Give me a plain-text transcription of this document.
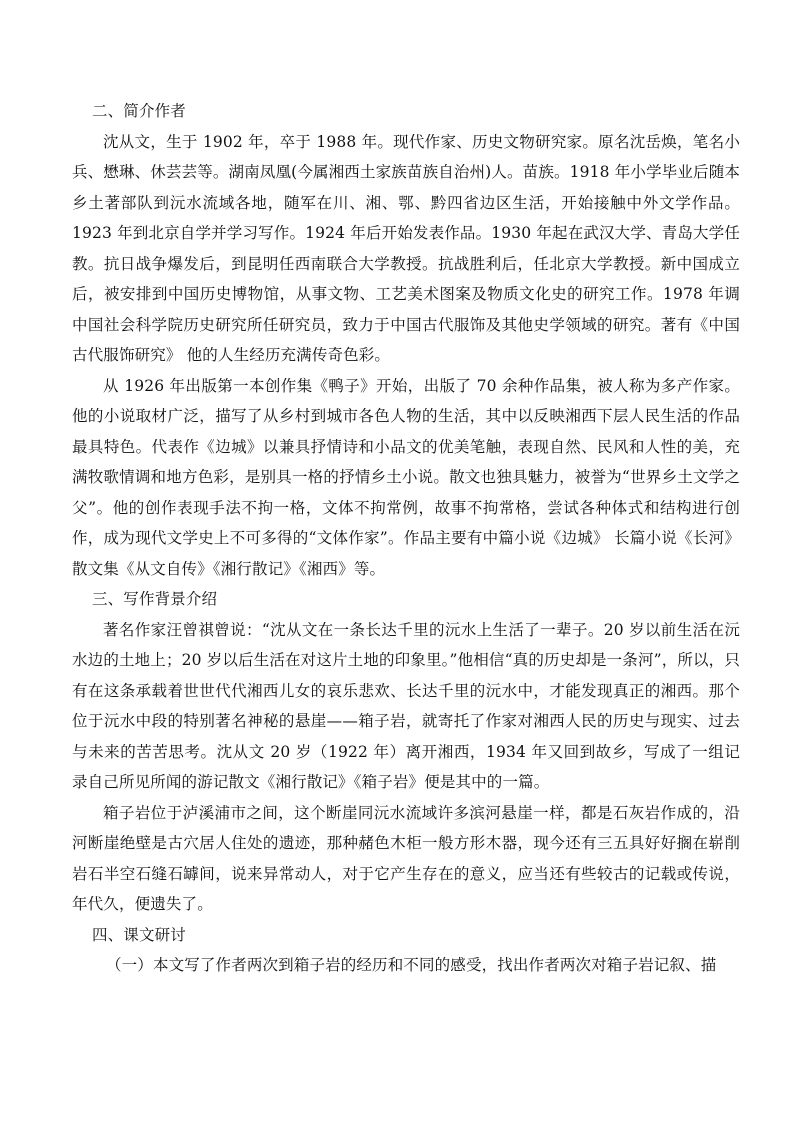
二、简介作者

沈从文，生于 1902 年，卒于 1988 年。现代作家、历史文物研究家。原名沈岳焕，笔名小兵、懋琳、休芸芸等。湖南凤凰(今属湘西土家族苗族自治州)人。苗族。1918 年小学毕业后随本乡土著部队到沅水流域各地，随军在川、湘、鄂、黔四省边区生活，开始接触中外文学作品。1923 年到北京自学并学习写作。1924 年后开始发表作品。1930 年起在武汉大学、青岛大学任教。抗日战争爆发后，到昆明任西南联合大学教授。抗战胜利后，任北京大学教授。新中国成立后，被安排到中国历史博物馆，从事文物、工艺美术图案及物质文化史的研究工作。1978 年调中国社会科学院历史研究所任研究员，致力于中国古代服饰及其他史学领域的研究。著有《中国古代服饰研究》 他的人生经历充满传奇色彩。

从 1926 年出版第一本创作集《鸭子》开始，出版了 70 余种作品集，被人称为多产作家。他的小说取材广泛，描写了从乡村到城市各色人物的生活，其中以反映湘西下层人民生活的作品最具特色。代表作《边城》以兼具抒情诗和小品文的优美笔触，表现自然、民风和人性的美，充满牧歌情调和地方色彩，是别具一格的抒情乡土小说。散文也独具魅力，被誉为“世界乡土文学之父”。他的创作表现手法不拘一格，文体不拘常例，故事不拘常格，尝试各种体式和结构进行创作，成为现代文学史上不可多得的“文体作家”。作品主要有中篇小说《边城》 长篇小说《长河》 散文集《从文自传》《湘行散记》《湘西》等。

三、写作背景介绍

著名作家汪曾祺曾说：“沈从文在一条长达千里的沅水上生活了一辈子。20 岁以前生活在沅水边的土地上；20 岁以后生活在对这片土地的印象里。”他相信“真的历史却是一条河”，所以，只有在这条承载着世世代代湘西儿女的哀乐悲欢、长达千里的沅水中，才能发现真正的湘西。那个位于沅水中段的特别著名神秘的悬崖——箱子岩，就寄托了作家对湘西人民的历史与现实、过去与未来的苦苦思考。沈从文 20 岁（1922 年）离开湘西，1934 年又回到故乡，写成了一组记录自己所见所闻的游记散文《湘行散记》《箱子岩》便是其中的一篇。

箱子岩位于泸溪浦市之间，这个断崖同沅水流域许多滨河悬崖一样，都是石灰岩作成的，沿河断崖绝壁是古穴居人住处的遗迹，那种赭色木柜一般方形木器，现今还有三五具好好搁在崭削岩石半空石缝石罅间，说来异常动人，对于它产生存在的意义，应当还有些较古的记载或传说，年代久，便遗失了。

四、课文研讨

（一）本文写了作者两次到箱子岩的经历和不同的感受，找出作者两次对箱子岩记叙、描
